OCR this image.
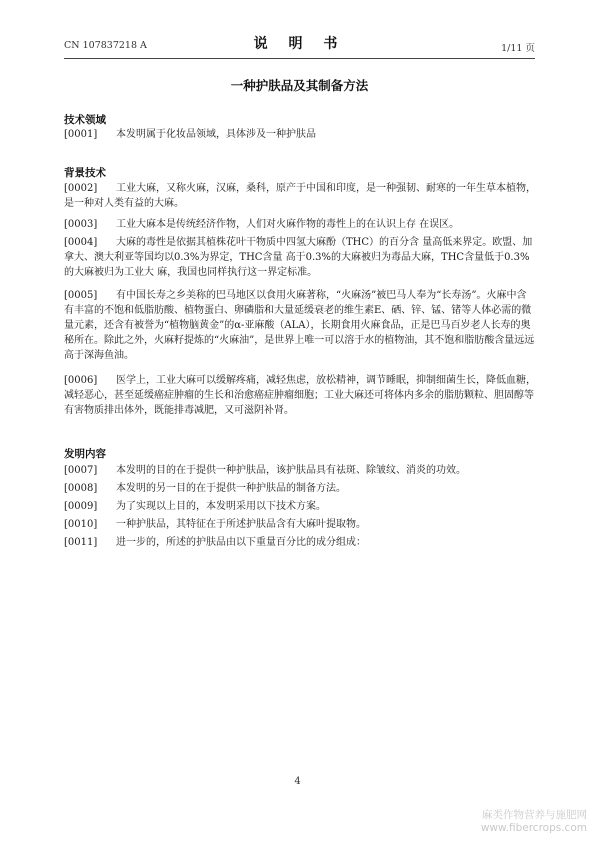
CN 107837218 A	说 明 书	1/11 页
一种护肤品及其制备方法
技术领域
[0001] 本发明属于化妆品领域，具体涉及一种护肤品
背景技术
[0002] 工业大麻，又称火麻，汉麻，桑科，原产于中国和印度，是一种强韧、耐寒的一年生草本植物，是一种对人类有益的大麻。
[0003] 工业大麻本是传统经济作物，人们对火麻作物的毒性上的在认识上存 在误区。
[0004] 大麻的毒性是依据其植株花叶干物质中四氢大麻酚（THC）的百分含 量高低来界定。欧盟、加拿大、澳大利亚等国均以0.3%为界定，THC含量 高于0.3%的大麻被归为毒品大麻，THC含量低于0.3%的大麻被归为工业大 麻，我国也同样执行这一界定标准。
[0005] 有中国长寿之乡美称的巴马地区以食用火麻著称，“火麻汤”被巴马人奉为“长寿汤”。火麻中含有丰富的不饱和低脂肪酸、植物蛋白、卵磷脂和大量延缓衰老的维生素E、硒、锌、锰、锗等人体必需的微量元素，还含有被誉为“植物脑黄金”的α-亚麻酸（ALA），长期食用火麻食品，正是巴马百岁老人长寿的奥秘所在。除此之外，火麻籽提炼的“火麻油”，是世界上唯一可以溶于水的植物油，其不饱和脂肪酸含量远远高于深海鱼油。
[0006] 医学上，工业大麻可以缓解疼痛，减轻焦虑，放松精神，调节睡眠，抑制细菌生长，降低血糖，减轻恶心，甚至延缓癌症肿瘤的生长和治愈癌症肿瘤细胞；工业大麻还可将体内多余的脂肪颗粒、胆固醇等有害物质排出体外，既能排毒减肥，又可滋阴补肾。
发明内容
[0007] 本发明的目的在于提供一种护肤品，该护肤品具有祛斑、除皱纹、消炎的功效。
[0008] 本发明的另一目的在于提供一种护肤品的制备方法。
[0009] 为了实现以上目的，本发明采用以下技术方案。
[0010] 一种护肤品，其特征在于所述护肤品含有大麻叶提取物。
[0011] 进一步的，所述的护肤品由以下重量百分比的成分组成：
4
麻类作物营养与施肥网
www.fibercrops.com
